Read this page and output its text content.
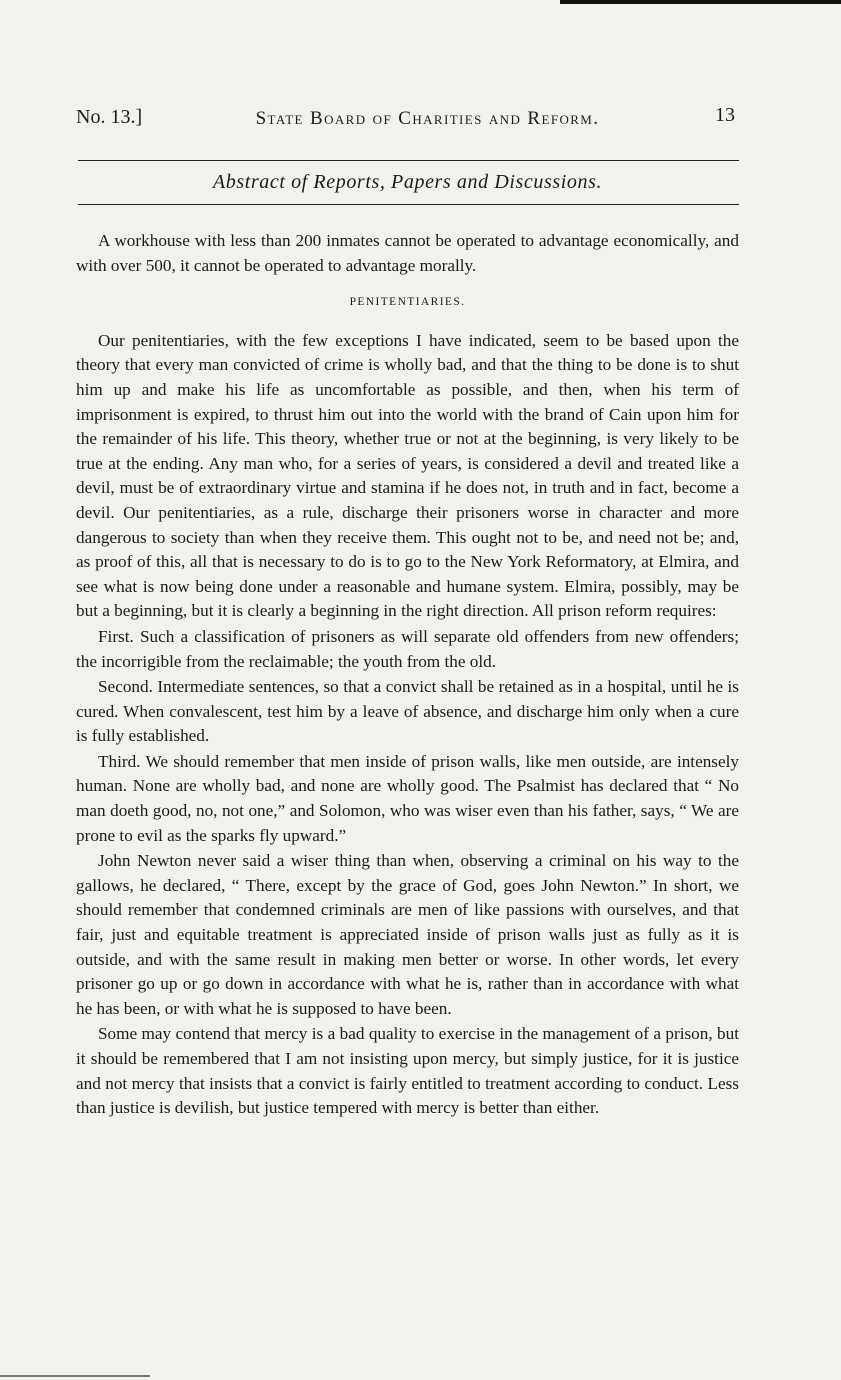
No. 13.]	State Board of Charities and Reform.	13
Abstract of Reports, Papers and Discussions.

A workhouse with less than 200 inmates cannot be operated to advantage economically, and with over 500, it cannot be operated to advantage morally.

PENITENTIARIES.

Our penitentiaries, with the few exceptions I have indicated, seem to be based upon the theory that every man convicted of crime is wholly bad, and that the thing to be done is to shut him up and make his life as uncomfortable as possible, and then, when his term of imprisonment is expired, to thrust him out into the world with the brand of Cain upon him for the remainder of his life. This theory, whether true or not at the beginning, is very likely to be true at the ending. Any man who, for a series of years, is considered a devil and treated like a devil, must be of extraordinary virtue and stamina if he does not, in truth and in fact, become a devil. Our penitentiaries, as a rule, discharge their prisoners worse in character and more dangerous to society than when they receive them. This ought not to be, and need not be; and, as proof of this, all that is necessary to do is to go to the New York Reformatory, at Elmira, and see what is now being done under a reasonable and humane system. Elmira, possibly, may be but a beginning, but it is clearly a beginning in the right direction. All prison reform requires:

First. Such a classification of prisoners as will separate old offenders from new offenders; the incorrigible from the reclaimable; the youth from the old.

Second. Intermediate sentences, so that a convict shall be retained as in a hospital, until he is cured. When convalescent, test him by a leave of absence, and discharge him only when a cure is fully established.

Third. We should remember that men inside of prison walls, like men outside, are intensely human. None are wholly bad, and none are wholly good. The Psalmist has declared that “ No man doeth good, no, not one,” and Solomon, who was wiser even than his father, says, “ We are prone to evil as the sparks fly upward.”

John Newton never said a wiser thing than when, observing a criminal on his way to the gallows, he declared, “ There, except by the grace of God, goes John Newton.” In short, we should remember that condemned criminals are men of like passions with ourselves, and that fair, just and equitable treatment is appreciated inside of prison walls just as fully as it is outside, and with the same result in making men better or worse. In other words, let every prisoner go up or go down in accordance with what he is, rather than in accordance with what he has been, or with what he is supposed to have been.

Some may contend that mercy is a bad quality to exercise in the management of a prison, but it should be remembered that I am not insisting upon mercy, but simply justice, for it is justice and not mercy that insists that a convict is fairly entitled to treatment according to conduct. Less than justice is devilish, but justice tempered with mercy is better than either.
